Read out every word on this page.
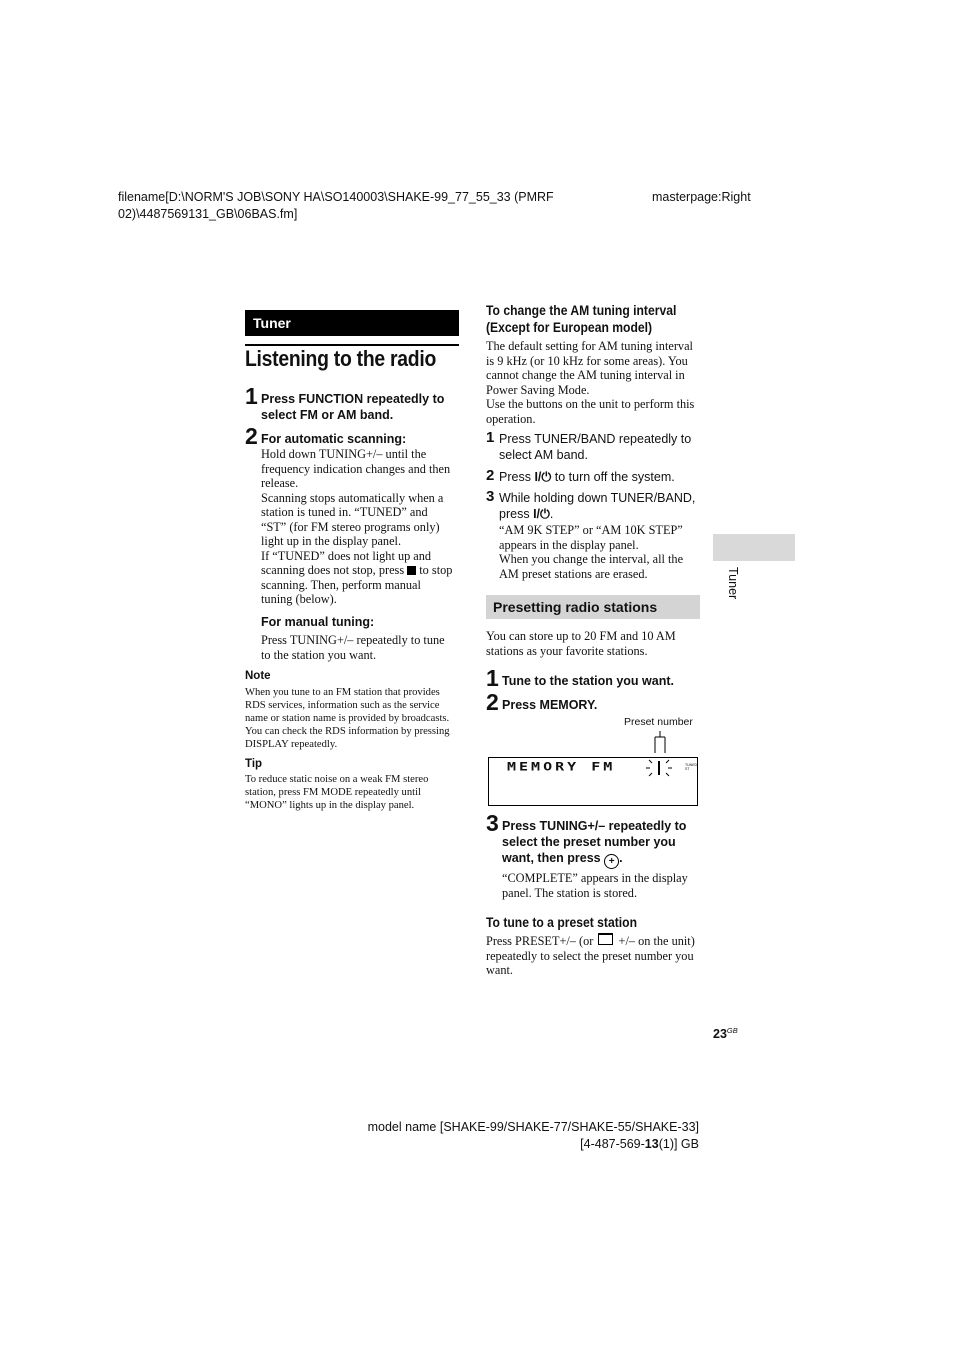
filename[D:\NORM'S JOB\SONY HA\SO140003\SHAKE-99_77_55_33 (PMRF
02)\4487569131_GB\06BAS.fm]
masterpage:Right
Tuner
Listening to the radio
1 Press FUNCTION repeatedly to
select FM or AM band.
2 For automatic scanning:
Hold down TUNING+/– until the
frequency indication changes and then
release.
Scanning stops automatically when a
station is tuned in. “TUNED” and
“ST” (for FM stereo programs only)
light up in the display panel.
If “TUNED” does not light up and
scanning does not stop, press to stop
scanning. Then, perform manual
tuning (below).
For manual tuning:
Press TUNING+/– repeatedly to tune
to the station you want.
Note
When you tune to an FM station that provides
RDS services, information such as the service
name or station name is provided by broadcasts.
You can check the RDS information by pressing
DISPLAY repeatedly.
Tip
To reduce static noise on a weak FM stereo
station, press FM MODE repeatedly until
“MONO” lights up in the display panel.
To change the AM tuning interval
(Except for European model)
The default setting for AM tuning interval
is 9 kHz (or 10 kHz for some areas). You
cannot change the AM tuning interval in
Power Saving Mode.
Use the buttons on the unit to perform this
operation.
1 Press TUNER/BAND repeatedly to
select AM band.
2 Press I/⏻ to turn off the system.
3 While holding down TUNER/BAND,
press I/⏻.
“AM 9K STEP” or “AM 10K STEP”
appears in the display panel.
When you change the interval, all the
AM preset stations are erased.
Presetting radio stations
You can store up to 20 FM and 10 AM
stations as your favorite stations.
1 Tune to the station you want.
2 Press MEMORY.
Preset number
MEMORY FM	TUNED
ST
3 Press TUNING+/– repeatedly to
select the preset number you
want, then press + .
“COMPLETE” appears in the display
panel. The station is stored.
To tune to a preset station
Press PRESET+/– (or +/– on the unit)
repeatedly to select the preset number you
want.
Tuner
$23^{GB}$
model name [SHAKE-99/SHAKE-77/SHAKE-55/SHAKE-33]
[4-487-569-13(1)] GB
